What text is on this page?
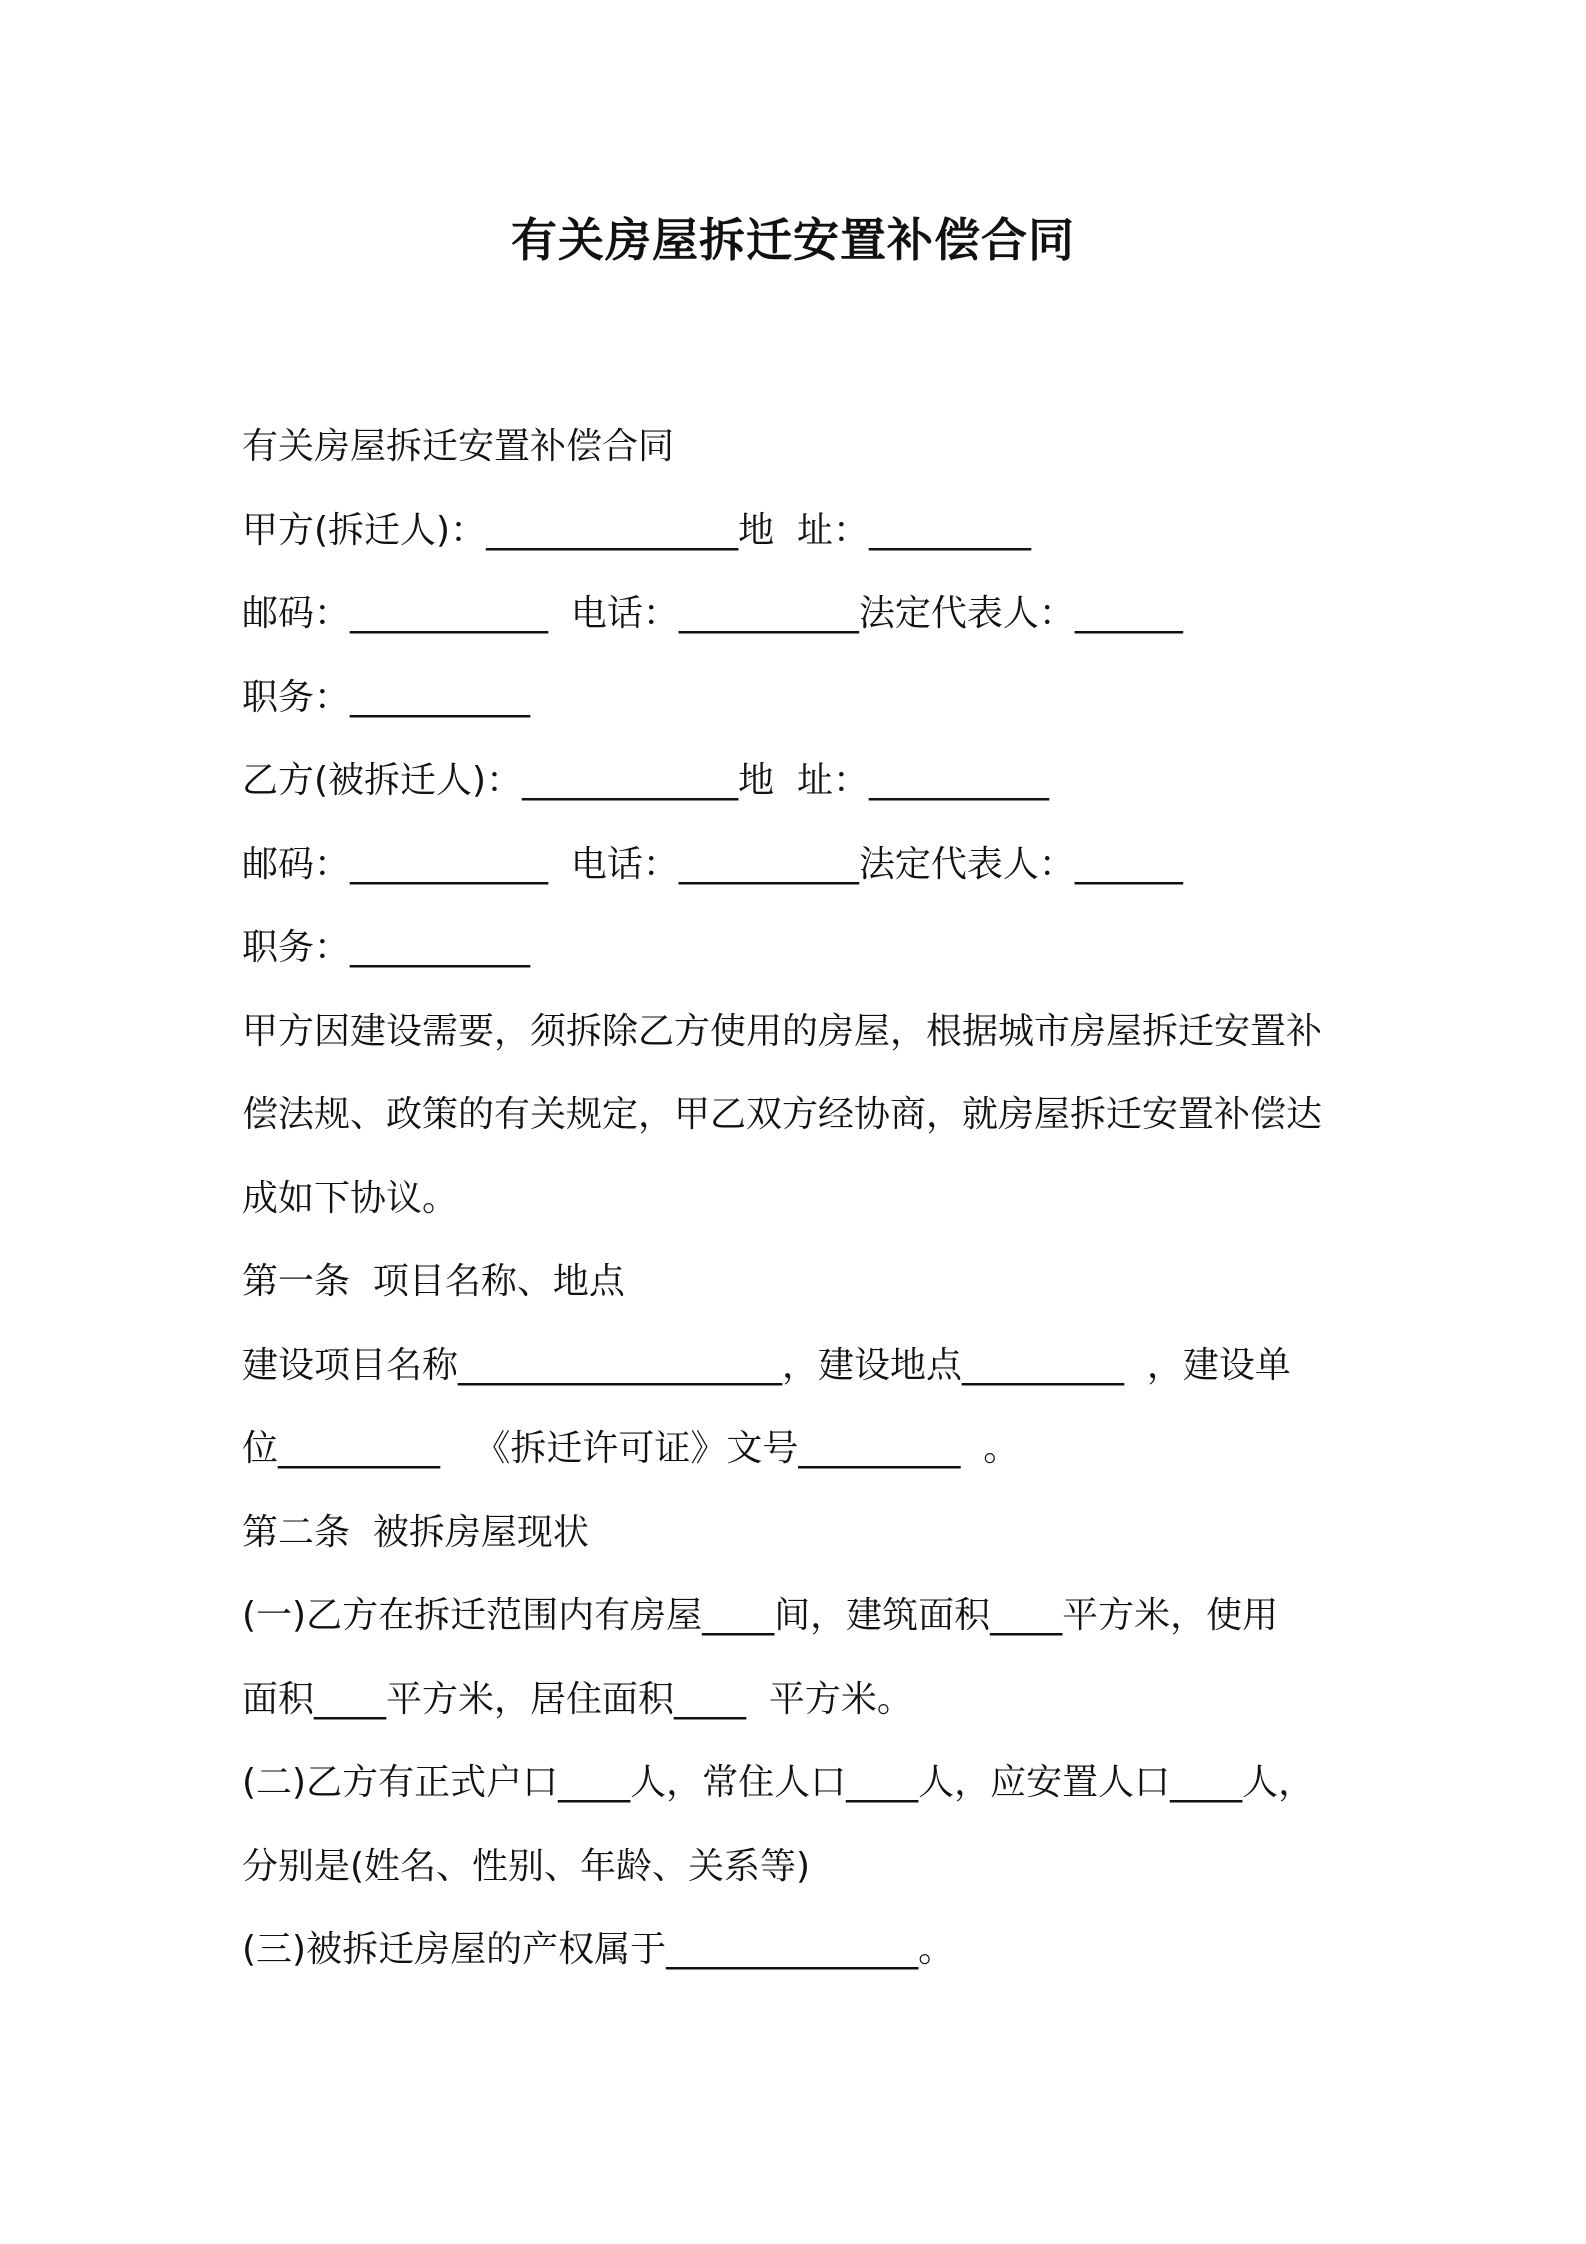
有关房屋拆迁安置补偿合同
有关房屋拆迁安置补偿合同
甲方(拆迁人)：______________地  址：_________
邮码：___________  电话：__________法定代表人：______
职务：__________
乙方(被拆迁人)：____________地  址：__________
邮码：___________  电话：__________法定代表人：______
职务：__________
甲方因建设需要，须拆除乙方使用的房屋，根据城市房屋拆迁安置补
偿法规、政策的有关规定，甲乙双方经协商，就房屋拆迁安置补偿达
成如下协议。
第一条  项目名称、地点
建设项目名称__________________，建设地点_________  ，建设单
位_________   《拆迁许可证》文号_________  。
第二条  被拆房屋现状
(一)乙方在拆迁范围内有房屋____间，建筑面积____平方米，使用
面积____平方米，居住面积____  平方米。
(二)乙方有正式户口____人，常住人口____人，应安置人口____人，
分别是(姓名、性别、年龄、关系等)
(三)被拆迁房屋的产权属于______________。
